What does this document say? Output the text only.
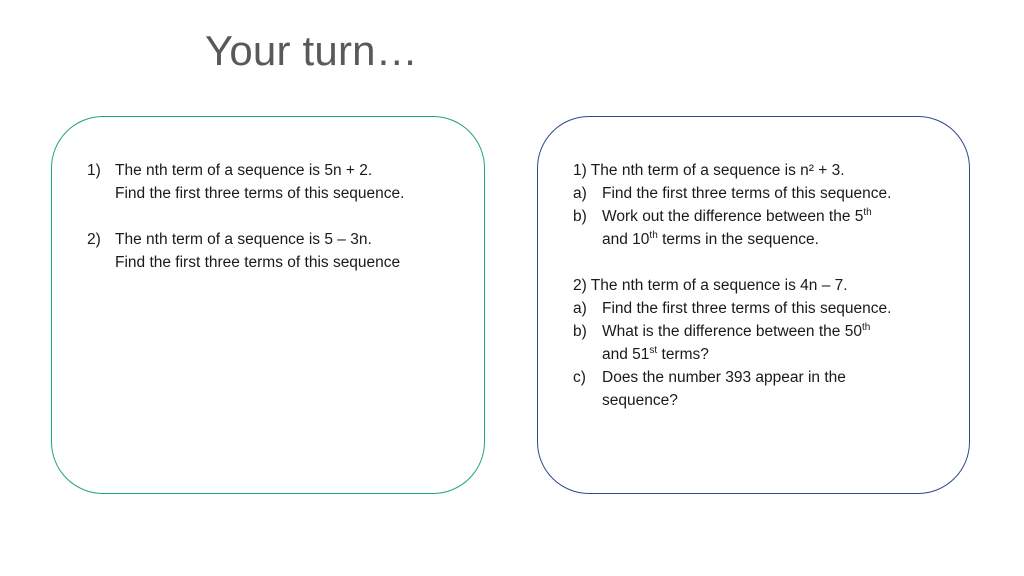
Your turn…
1) The nth term of a sequence is 5n + 2.
Find the first three terms of this sequence.
2) The nth term of a sequence is 5 – 3n.
Find the first three terms of this sequence
1) The nth term of a sequence is n² + 3.
a) Find the first three terms of this sequence.
b) Work out the difference between the 5th
and 10th terms in the sequence.
2) The nth term of a sequence is 4n – 7.
a) Find the first three terms of this sequence.
b) What is the difference between the 50th
and 51st terms?
c) Does the number 393 appear in the
sequence?
